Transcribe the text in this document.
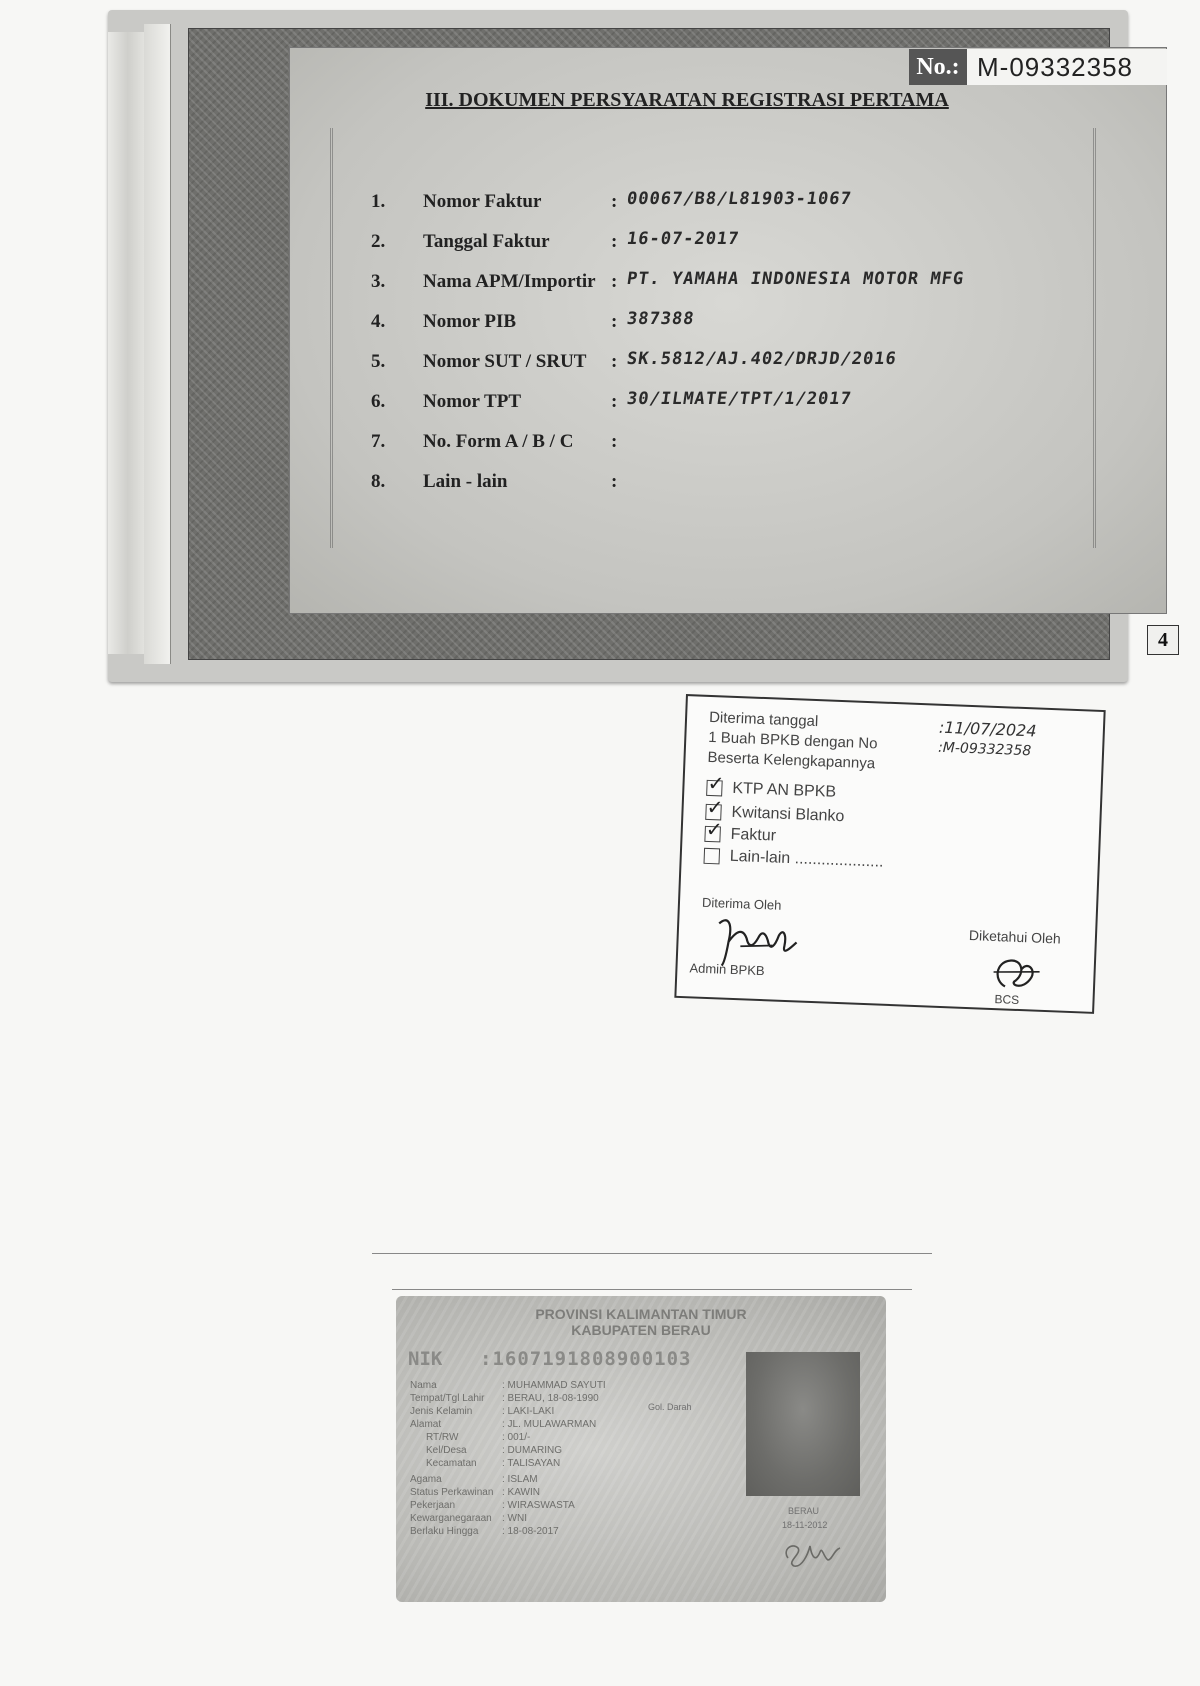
No.: M-09332358
III. DOKUMEN PERSYARATAN REGISTRASI PERTAMA
1.	Nomor Faktur	: 00067/B8/L81903-1067
2.	Tanggal Faktur	: 16-07-2017
3.	Nama APM/Importir : PT. YAMAHA INDONESIA MOTOR MFG
4.	Nomor PIB	: 387388
5.	Nomor SUT / SRUT	: SK.5812/AJ.402/DRJD/2016
6.	Nomor TPT	: 30/ILMATE/TPT/1/2017
7.	No. Form A / B / C	:
8.	Lain - lain	:
4
Diterima tanggal
1 Buah BPKB dengan No
Beserta Kelengkapannya
:11/07/2024
:M-09332358
✓KTP AN BPKB
✓Kwitansi Blanko
✓Faktur
Lain-lain ....................
Diterima Oleh
Admin BPKB
Diketahui Oleh
BCS
PROVINSI KALIMANTAN TIMUR
KABUPATEN BERAU
NIK :1607191808900103
Nama	: MUHAMMAD SAYUTI
Tempat/Tgl Lahir	: BERAU, 18-08-1990
Jenis Kelamin	: LAKI-LAKI
Alamat	: JL. MULAWARMAN
RT/RW	: 001/-
Kel/Desa	: DUMARING
Kecamatan	: TALISAYAN
Agama	: ISLAM
Status Perkawinan : KAWIN
Pekerjaan	: WIRASWASTA
Kewarganegaraan	: WNI
Berlaku Hingga	: 18-08-2017
Gol. Darah
BERAU
18-11-2012
